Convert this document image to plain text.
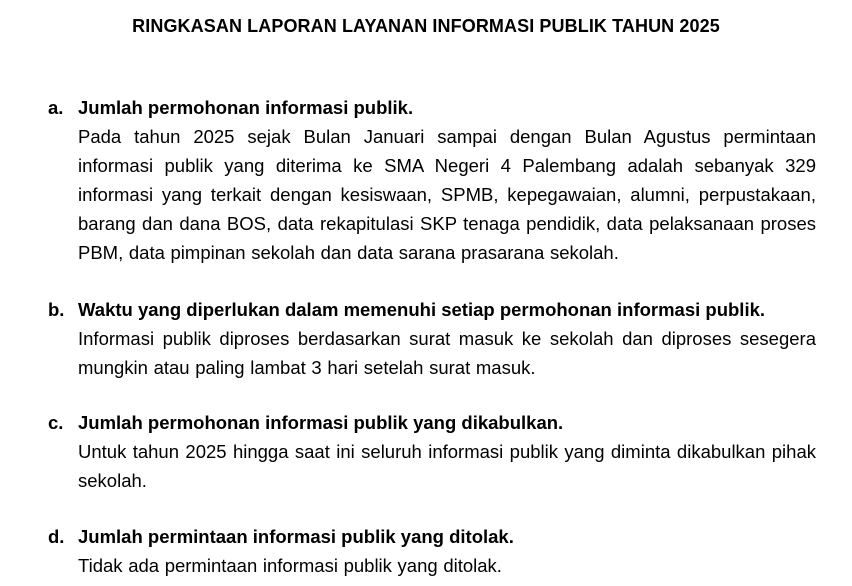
RINGKASAN LAPORAN LAYANAN INFORMASI PUBLIK TAHUN 2025
a. Jumlah permohonan informasi publik.
Pada tahun 2025 sejak Bulan Januari sampai dengan Bulan Agustus permintaan informasi publik yang diterima ke SMA Negeri 4 Palembang adalah sebanyak 329 informasi yang terkait dengan kesiswaan, SPMB, kepegawaian, alumni, perpustakaan, barang dan dana BOS, data rekapitulasi SKP tenaga pendidik, data pelaksanaan proses PBM, data pimpinan sekolah dan data sarana prasarana sekolah.
b. Waktu yang diperlukan dalam memenuhi setiap permohonan informasi publik.
Informasi publik diproses berdasarkan surat masuk ke sekolah dan diproses sesegera mungkin atau paling lambat 3 hari setelah surat masuk.
c. Jumlah permohonan informasi publik yang dikabulkan.
Untuk tahun 2025 hingga saat ini seluruh informasi publik yang diminta dikabulkan pihak sekolah.
d. Jumlah permintaan informasi publik yang ditolak.
Tidak ada permintaan informasi publik yang ditolak.
